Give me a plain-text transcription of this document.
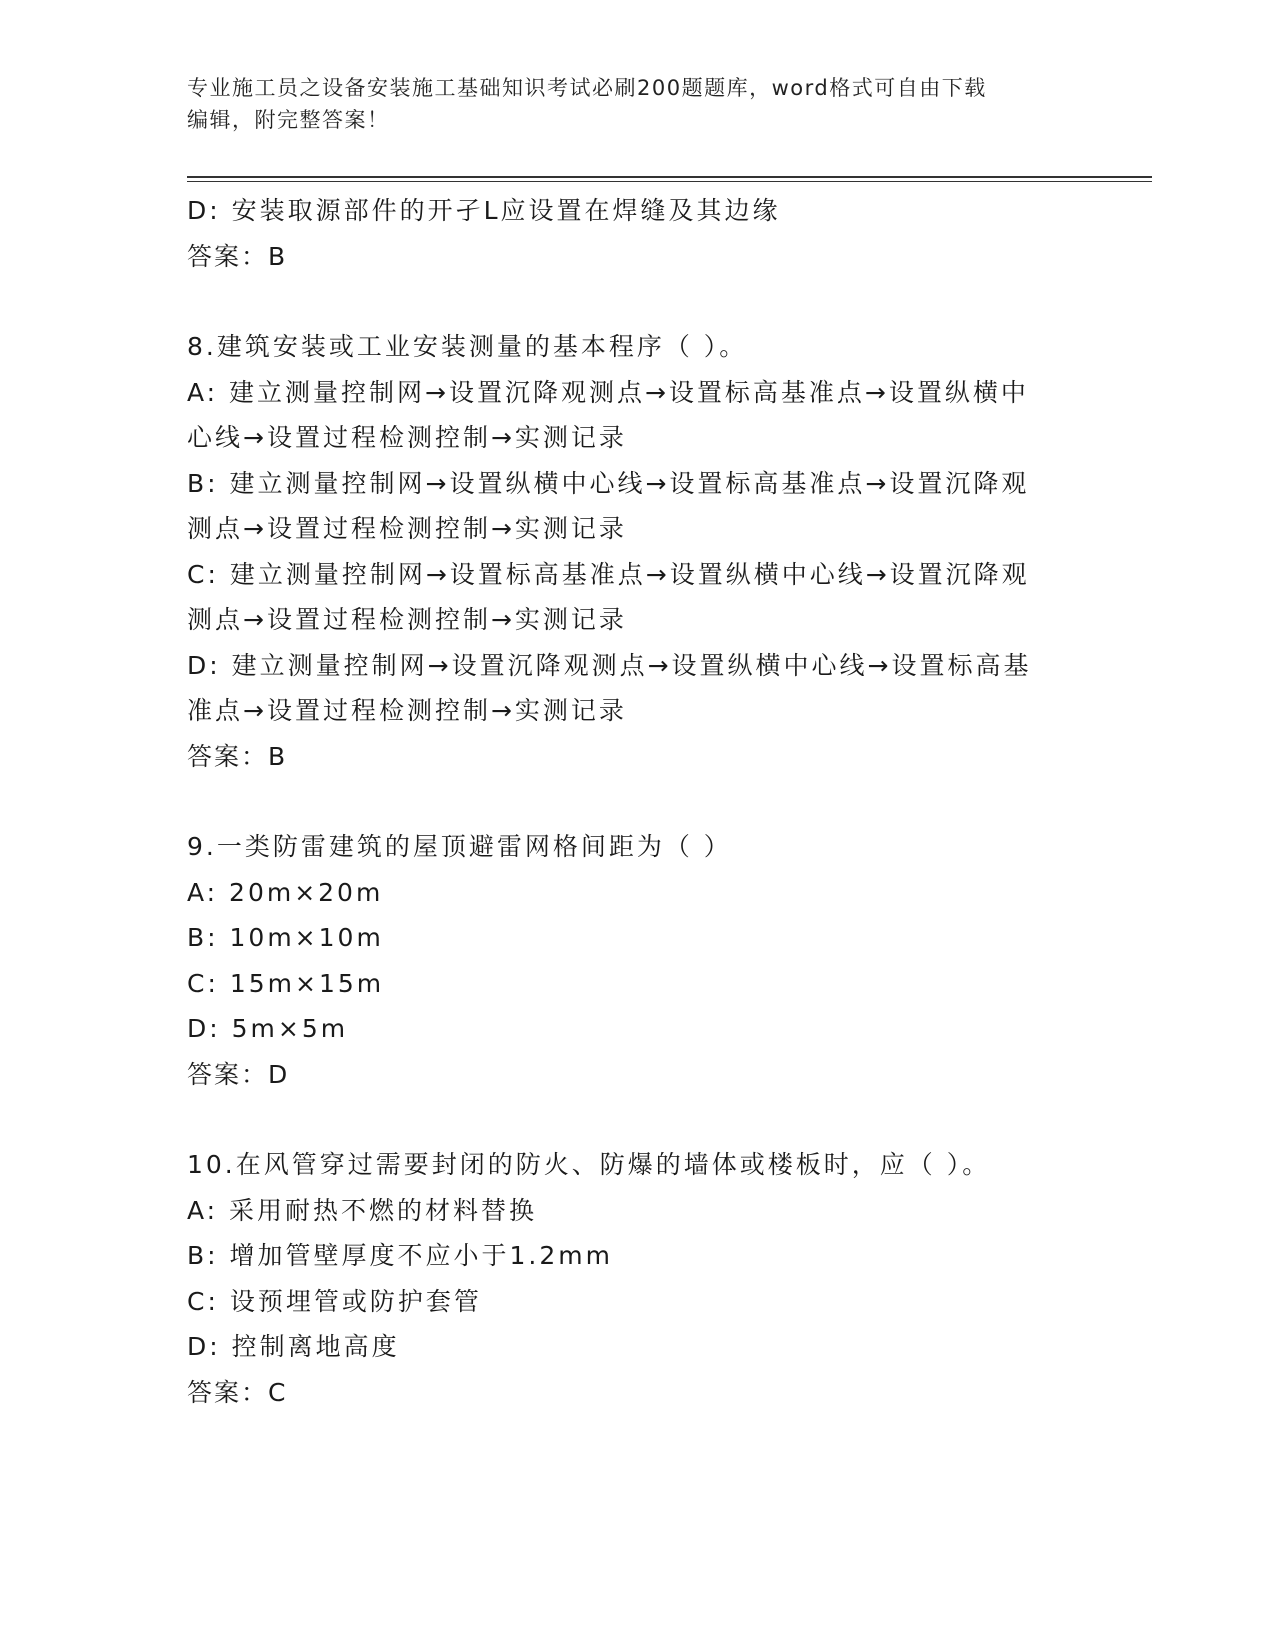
专业施工员之设备安装施工基础知识考试必刷200题题库，word格式可自由下载
编辑，附完整答案！
D: 安装取源部件的开孑L应设置在焊缝及其边缘
答案：B
8.建筑安装或工业安装测量的基本程序（ ）。
A: 建立测量控制网→设置沉降观测点→设置标高基准点→设置纵横中
心线→设置过程检测控制→实测记录
B: 建立测量控制网→设置纵横中心线→设置标高基准点→设置沉降观
测点→设置过程检测控制→实测记录
C: 建立测量控制网→设置标高基准点→设置纵横中心线→设置沉降观
测点→设置过程检测控制→实测记录
D: 建立测量控制网→设置沉降观测点→设置纵横中心线→设置标高基
准点→设置过程检测控制→实测记录
答案：B
9.一类防雷建筑的屋顶避雷网格间距为（ ）
A: 20m×20m
B: 10m×10m
C: 15m×15m
D: 5m×5m
答案：D
10.在风管穿过需要封闭的防火、防爆的墙体或楼板时，应（ ）。
A: 采用耐热不燃的材料替换
B: 增加管壁厚度不应小于1.2mm
C: 设预埋管或防护套管
D: 控制离地高度
答案：C
